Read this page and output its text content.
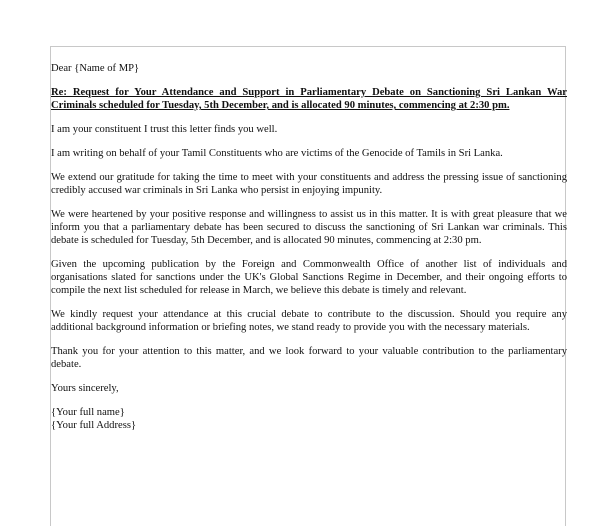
Dear {Name of MP}

Re: Request for Your Attendance and Support in Parliamentary Debate on Sanctioning Sri Lankan War Criminals scheduled for Tuesday, 5th December, and is allocated 90 minutes, commencing at 2:30 pm.

I am your constituent I trust this letter finds you well.

I am writing on behalf of your Tamil Constituents who are victims of the Genocide of Tamils in Sri Lanka.

We extend our gratitude for taking the time to meet with your constituents and address the pressing issue of sanctioning credibly accused war criminals in Sri Lanka who persist in enjoying impunity.

We were heartened by your positive response and willingness to assist us in this matter. It is with great pleasure that we inform you that a parliamentary debate has been secured to discuss the sanctioning of Sri Lankan war criminals. This debate is scheduled for Tuesday, 5th December, and is allocated 90 minutes, commencing at 2:30 pm.

Given the upcoming publication by the Foreign and Commonwealth Office of another list of individuals and organisations slated for sanctions under the UK's Global Sanctions Regime in December, and their ongoing efforts to compile the next list scheduled for release in March, we believe this debate is timely and relevant.

We kindly request your attendance at this crucial debate to contribute to the discussion. Should you require any additional background information or briefing notes, we stand ready to provide you with the necessary materials.

Thank you for your attention to this matter, and we look forward to your valuable contribution to the parliamentary debate.

Yours sincerely,

{Your full name}

{Your full Address}
